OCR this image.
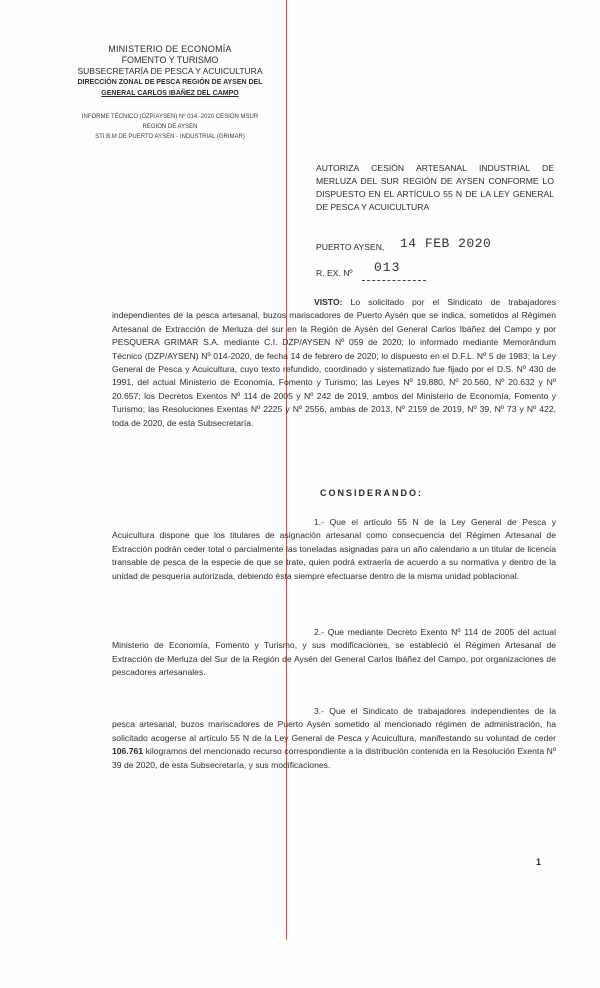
MINISTERIO DE ECONOMÍA
FOMENTO Y TURISMO
SUBSECRETARÍA DE PESCA Y ACUICULTURA
DIRECCIÓN ZONAL DE PESCA REGIÓN DE AYSEN DEL
GENERAL CARLOS IBAÑEZ DEL CAMPO
INFORME TÉCNICO (DZP/AYSEN) Nº 014 -2020 CESION MSUR
REGION DE AYSEN
STI B.M DE PUERTO AYSEN - INDUSTRIAL (GRIMAR)
AUTORIZA CESIÓN ARTESANAL INDUSTRIAL DE MERLUZA DEL SUR REGIÓN DE AYSEN CONFORME LO DISPUESTO EN EL ARTÍCULO 55 N DE LA LEY GENERAL DE PESCA Y ACUICULTURA
PUERTO AYSEN, 14 FEB 2020
R. EX. Nº 013
VISTO: Lo solicitado por el Sindicato de trabajadores independientes de la pesca artesanal, buzos mariscadores de Puerto Aysén que se indica, sometidos al Régimen Artesanal de Extracción de Merluza del sur en la Región de Aysén del General Carlos Ibáñez del Campo y por PESQUERA GRIMAR S.A. mediante C.I. DZP/AYSEN Nº 059 de 2020; lo informado mediante Memorándum Técnico (DZP/AYSEN) Nº 014-2020, de fecha 14 de febrero de 2020; lo dispuesto en el D.F.L. Nº 5 de 1983; la Ley General de Pesca y Acuicultura, cuyo texto refundido, coordinado y sistematizado fue fijado por el D.S. Nº 430 de 1991, del actual Ministerio de Economía, Fomento y Turismo; las Leyes Nº 19.880, Nº 20.560, Nº 20.632 y Nº 20.657; los Decretos Exentos Nº 114 de 2005 y Nº 242 de 2019, ambos del Ministerio de Economía, Fomento y Turismo; las Resoluciones Exentas Nº 2225 y Nº 2556, ambas de 2013, Nº 2159 de 2019, Nº 39, Nº 73 y Nº 422, toda de 2020, de esta Subsecretaría.
CONSIDERANDO:
1.- Que el artículo 55 N de la Ley General de Pesca y Acuicultura dispone que los titulares de asignación artesanal como consecuencia del Régimen Artesanal de Extracción podrán ceder total o parcialmente las toneladas asignadas para un año calendario a un titular de licencia transable de pesca de la especie de que se trate, quien podrá extraerla de acuerdo a su normativa y dentro de la unidad de pesquería autorizada, debiendo ésta siempre efectuarse dentro de la misma unidad poblacional.
2.- Que mediante Decreto Exento Nº 114 de 2005 del actual Ministerio de Economía, Fomento y Turismo, y sus modificaciones, se estableció el Régimen Artesanal de Extracción de Merluza del Sur de la Región de Aysén del General Carlos Ibáñez del Campo, por organizaciones de pescadores artesanales.
3.- Que el Sindicato de trabajadores independientes de la pesca artesanal, buzos mariscadores de Puerto Aysén sometido al mencionado régimen de administración, ha solicitado acogerse al artículo 55 N de la Ley General de Pesca y Acuicultura, manifestando su voluntad de ceder 106.761 kilogramos del mencionado recurso correspondiente a la distribución contenida en la Resolución Exenta Nº 39 de 2020, de esta Subsecretaría, y sus modificaciones.
1
